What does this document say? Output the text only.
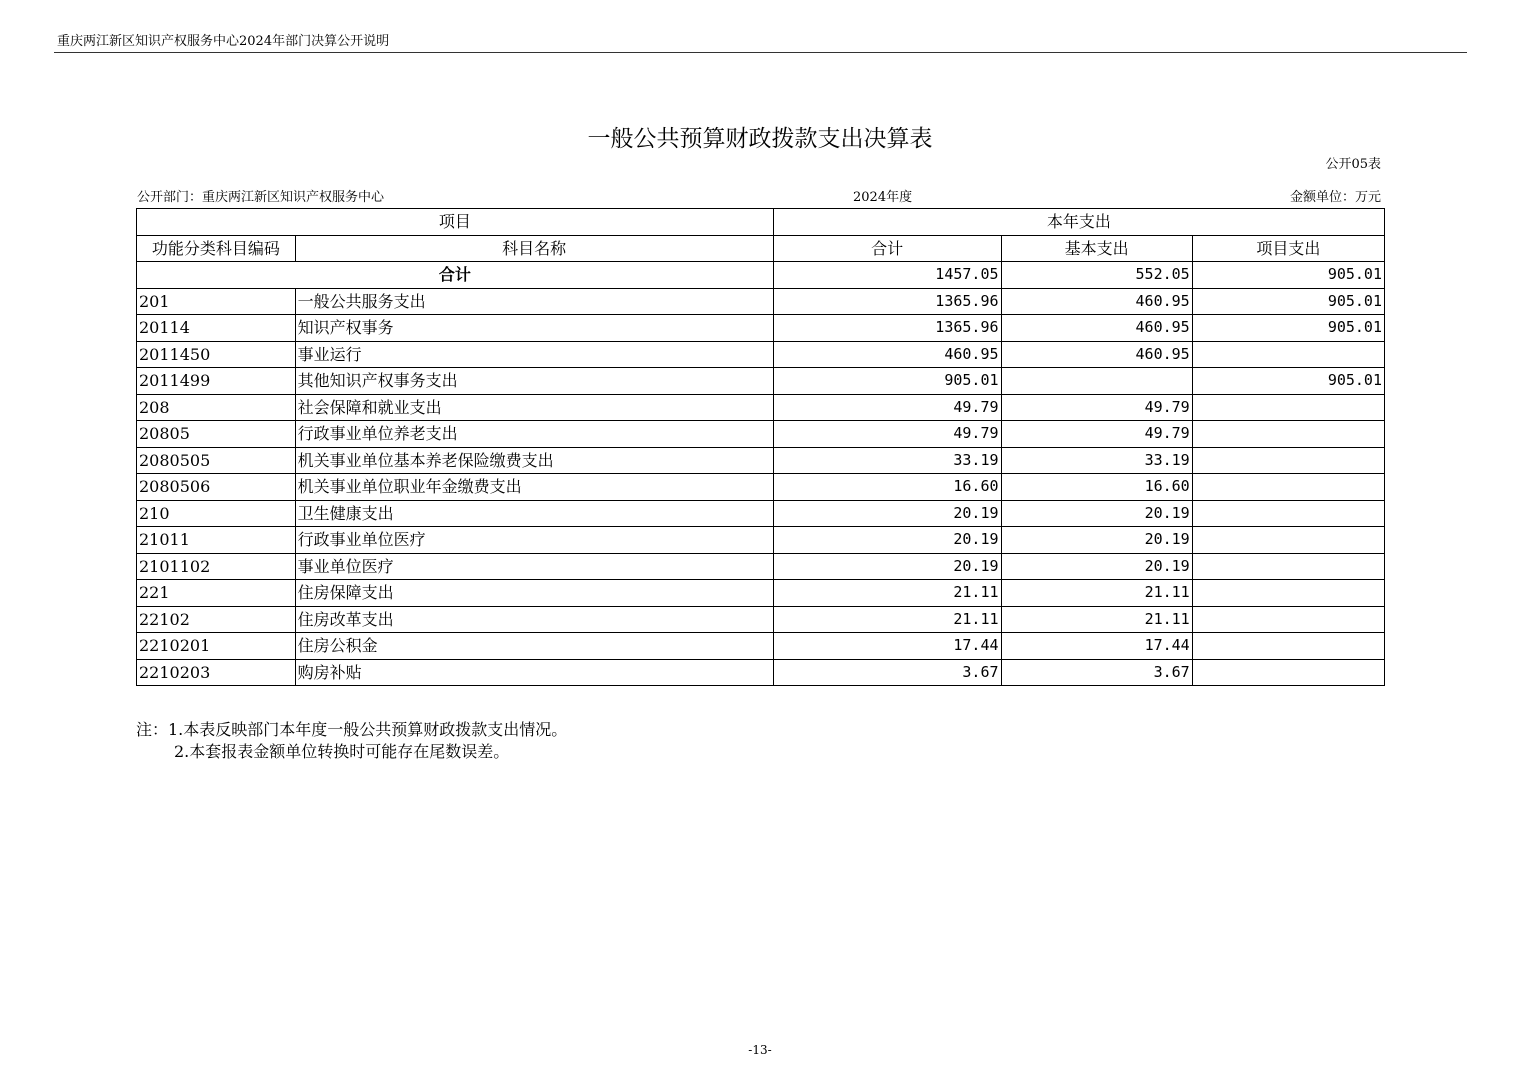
重庆两江新区知识产权服务中心2024年部门决算公开说明
一般公共预算财政拨款支出决算表
公开05表
公开部门：重庆两江新区知识产权服务中心	2024年度	金额单位：万元
项目		本年支出		
功能分类科目编码	科目名称	合计	基本支出	项目支出
合计		1457.05	552.05	905.01
201	一般公共服务支出	1365.96	460.95	905.01
20114	知识产权事务	1365.96	460.95	905.01
2011450	事业运行	460.95	460.95	
2011499	其他知识产权事务支出	905.01		905.01
208	社会保障和就业支出	49.79	49.79	
20805	行政事业单位养老支出	49.79	49.79	
2080505	机关事业单位基本养老保险缴费支出	33.19	33.19	
2080506	机关事业单位职业年金缴费支出	16.60	16.60	
210	卫生健康支出	20.19	20.19	
21011	行政事业单位医疗	20.19	20.19	
2101102	事业单位医疗	20.19	20.19	
221	住房保障支出	21.11	21.11	
22102	住房改革支出	21.11	21.11	
2210201	住房公积金	17.44	17.44	
2210203	购房补贴	3.67	3.67	
注：1.本表反映部门本年度一般公共预算财政拨款支出情况。
2.本套报表金额单位转换时可能存在尾数误差。
-13-
